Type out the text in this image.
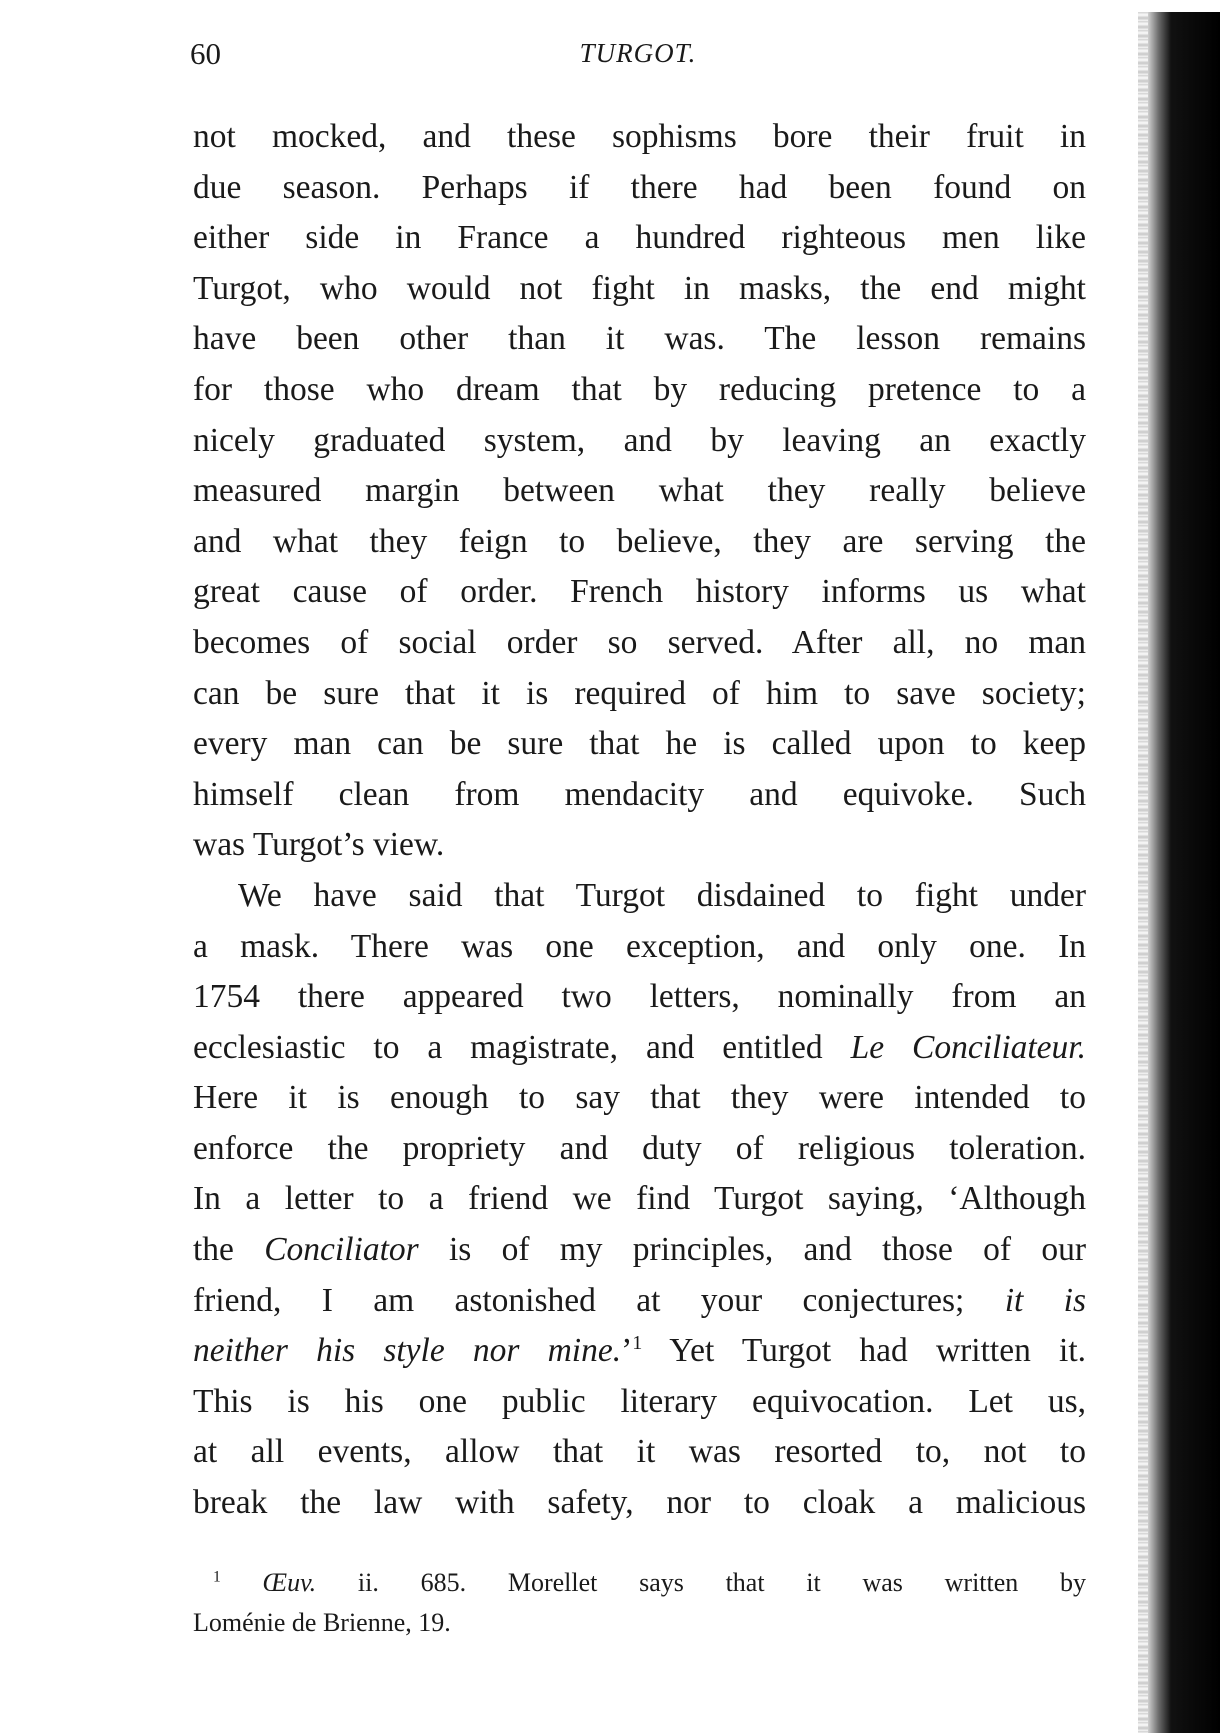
60	TURGOT.

not mocked, and these sophisms bore their fruit in

due season. Perhaps if there had been found on

either side in France a hundred righteous men like

Turgot, who would not fight in masks, the end might

have been other than it was. The lesson remains

for those who dream that by reducing pretence to a

nicely graduated system, and by leaving an exactly

measured margin between what they really believe

and what they feign to believe, they are serving the

great cause of order. French history informs us what

becomes of social order so served. After all, no man

can be sure that it is required of him to save society;

every man can be sure that he is called upon to keep

himself clean from mendacity and equivoke. Such

was Turgot’s view.

We have said that Turgot disdained to fight under

a mask. There was one exception, and only one. In

1754 there appeared two letters, nominally from an

ecclesiastic to a magistrate, and entitled Le Conciliateur.

Here it is enough to say that they were intended to

enforce the propriety and duty of religious toleration.

In a letter to a friend we find Turgot saying, ‘Although

the Conciliator is of my principles, and those of our

friend, I am astonished at your conjectures; it is

neither his style nor mine.’$^1$ Yet Turgot had written it.

This is his one public literary equivocation. Let us,

at all events, allow that it was resorted to, not to

break the law with safety, nor to cloak a malicious

$^1$ Œuv. ii. 685. Morellet says that it was written by

Loménie de Brienne, 19.
